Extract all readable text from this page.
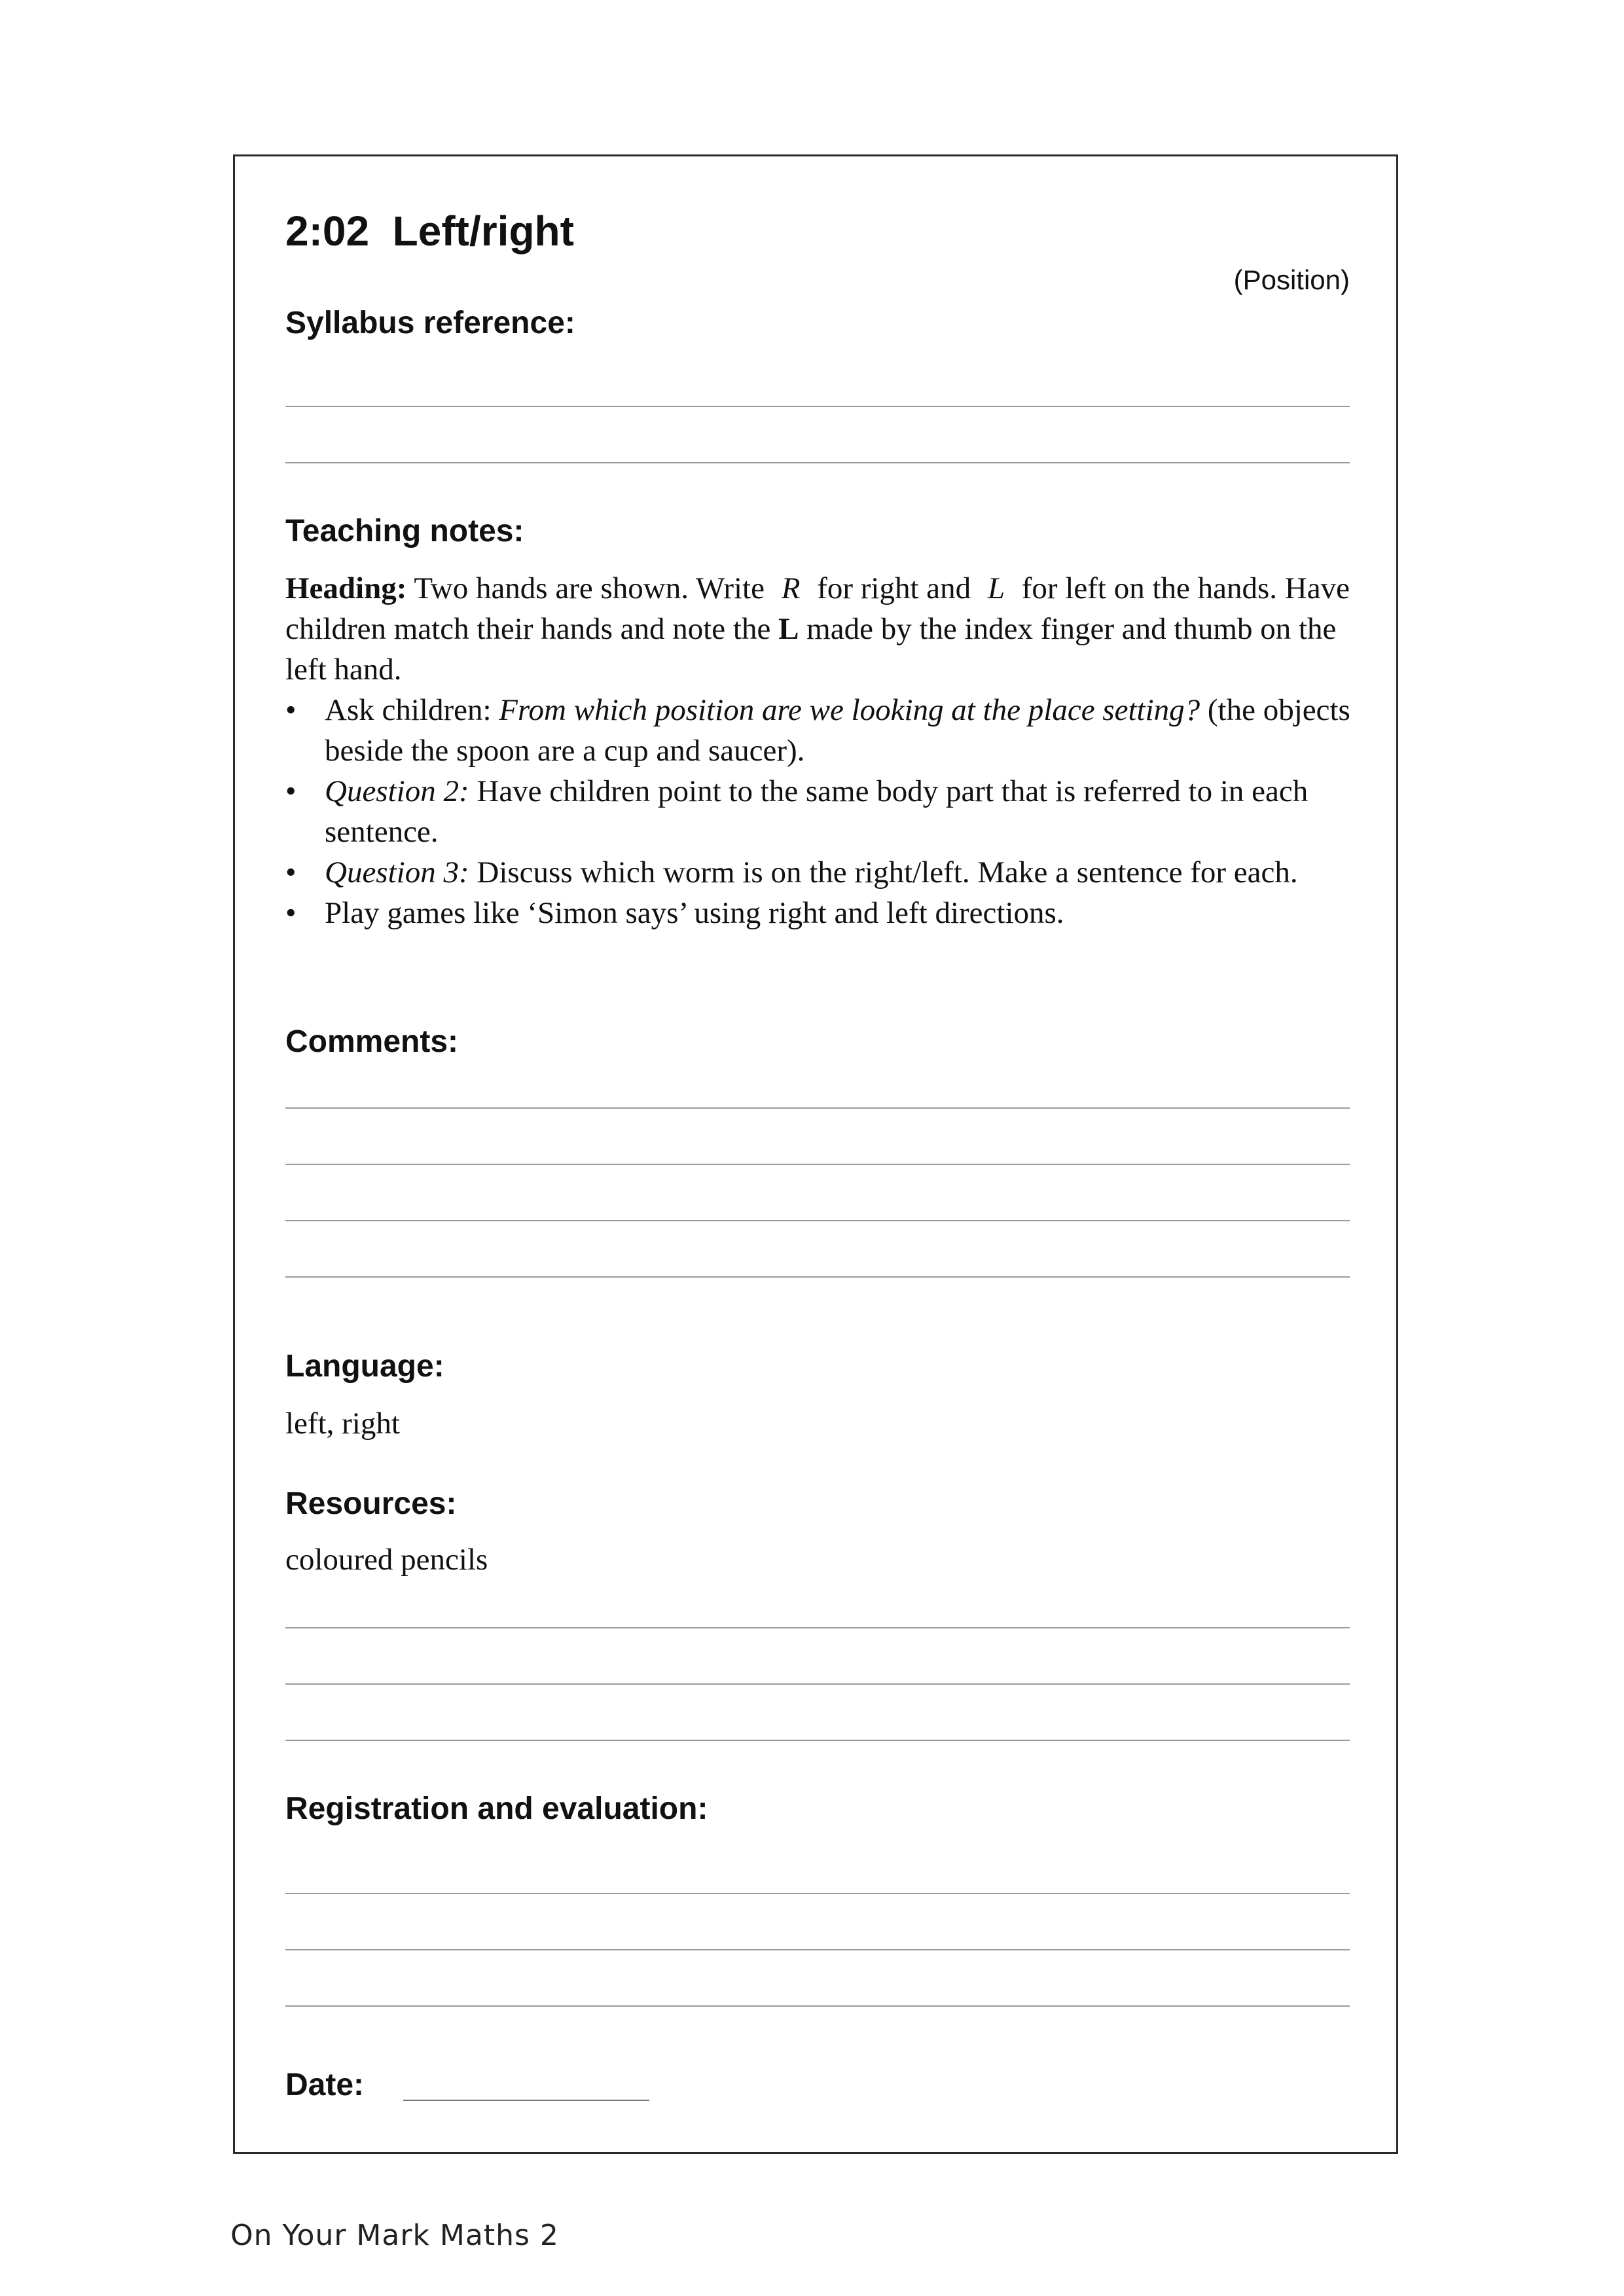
2:02  Left/right
(Position)
Syllabus reference:
Teaching notes:

Heading: Two hands are shown. Write R for right and L for left on the hands. Have children match their hands and note the L made by the index finger and thumb on the left hand.

• Ask children: From which position are we looking at the place setting? (the objects beside the spoon are a cup and saucer).
• Question 2: Have children point to the same body part that is referred to in each sentence.
• Question 3: Discuss which worm is on the right/left. Make a sentence for each.
• Play games like ‘Simon says’ using right and left directions.
Comments:
Language:
left, right
Resources:
coloured pencils
Registration and evaluation:
Date:
On Your Mark Maths 2
